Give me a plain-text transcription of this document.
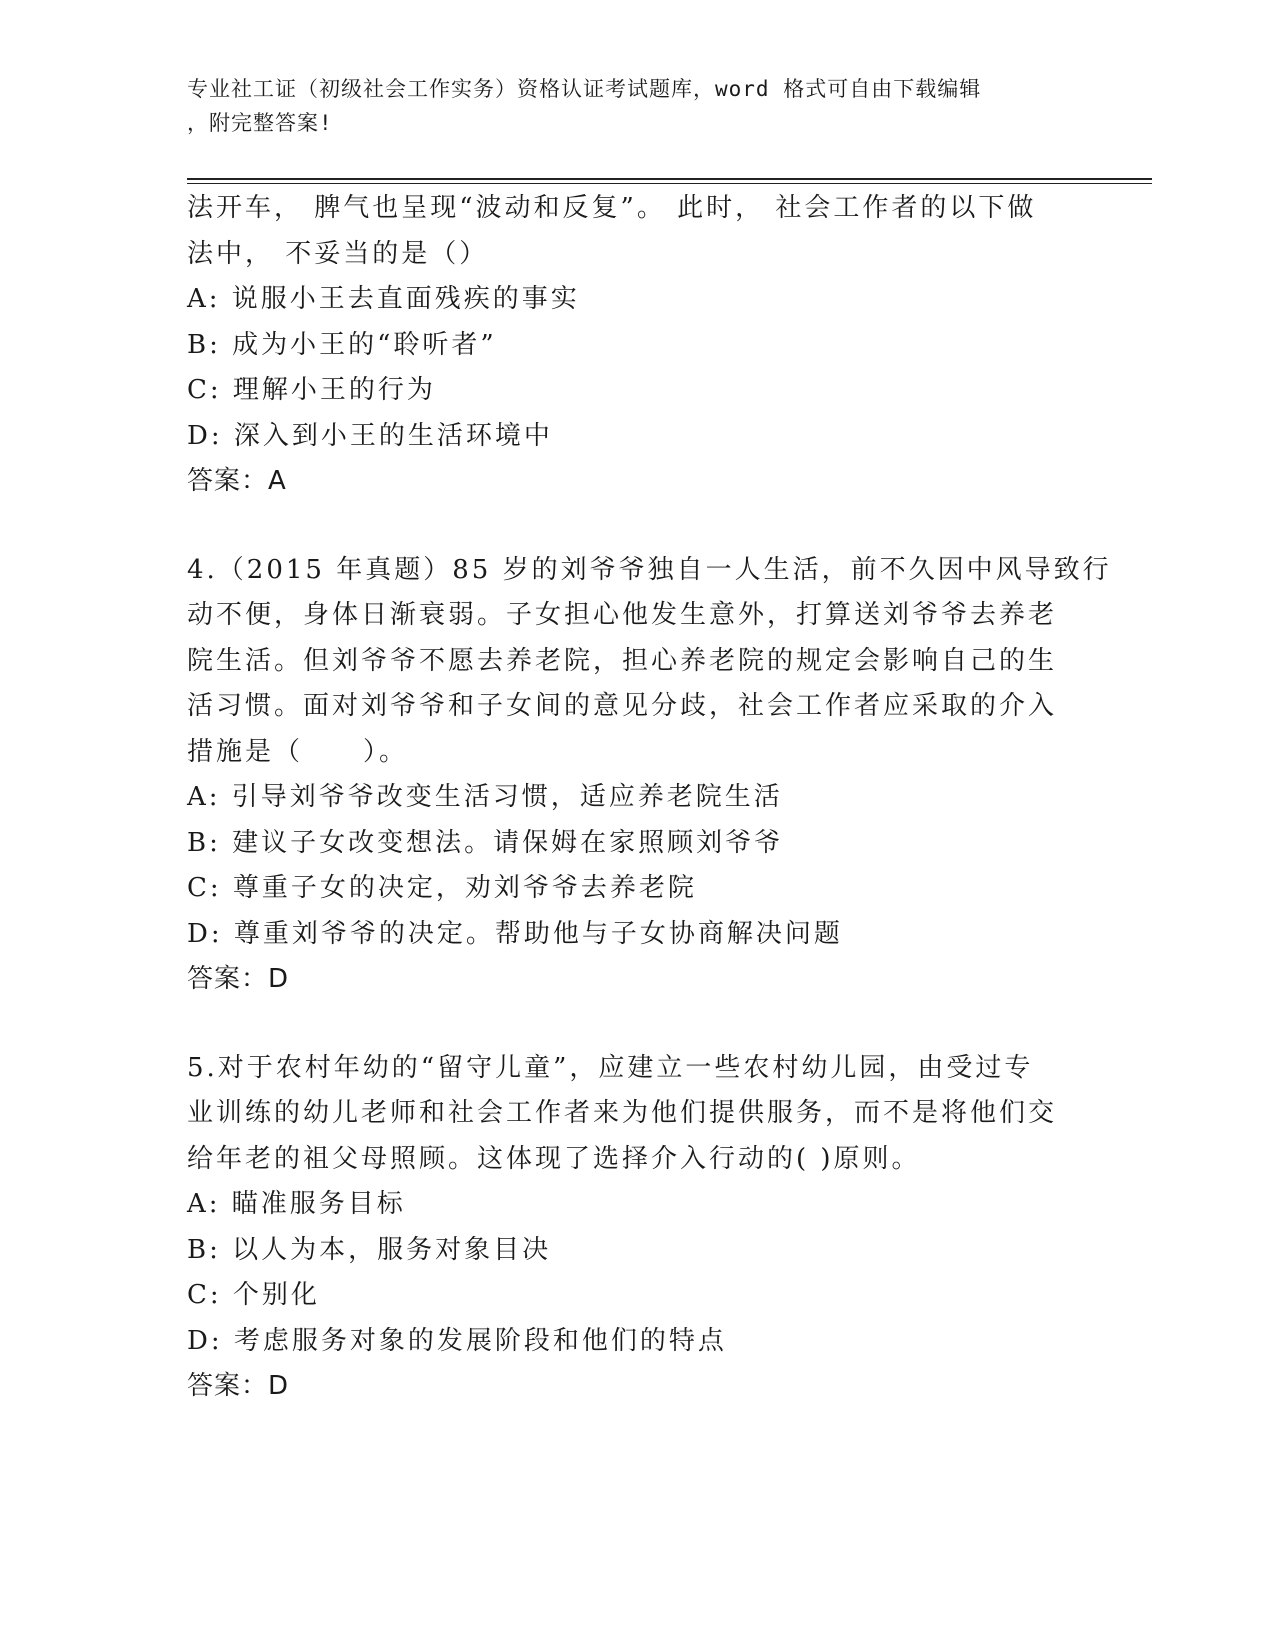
专业社工证（初级社会工作实务）资格认证考试题库，word 格式可自由下载编辑
，附完整答案!
法开车， 脾气也呈现“波动和反复”。 此时， 社会工作者的以下做
法中， 不妥当的是（）
A: 说服小王去直面残疾的事实
B: 成为小王的“聆听者”
C: 理解小王的行为
D: 深入到小王的生活环境中
答案：A
4.（2015 年真题）85 岁的刘爷爷独自一人生活，前不久因中风导致行
动不便，身体日渐衰弱。子女担心他发生意外，打算送刘爷爷去养老
院生活。但刘爷爷不愿去养老院，担心养老院的规定会影响自己的生
活习惯。面对刘爷爷和子女间的意见分歧，社会工作者应采取的介入
措施是（ ）。
A: 引导刘爷爷改变生活习惯，适应养老院生活
B: 建议子女改变想法。请保姆在家照顾刘爷爷
C: 尊重子女的决定，劝刘爷爷去养老院
D: 尊重刘爷爷的决定。帮助他与子女协商解决问题
答案：D
5.对于农村年幼的“留守儿童”，应建立一些农村幼儿园，由受过专
业训练的幼儿老师和社会工作者来为他们提供服务，而不是将他们交
给年老的祖父母照顾。这体现了选择介入行动的( )原则。
A: 瞄准服务目标
B: 以人为本，服务对象目决
C: 个别化
D: 考虑服务对象的发展阶段和他们的特点
答案：D
